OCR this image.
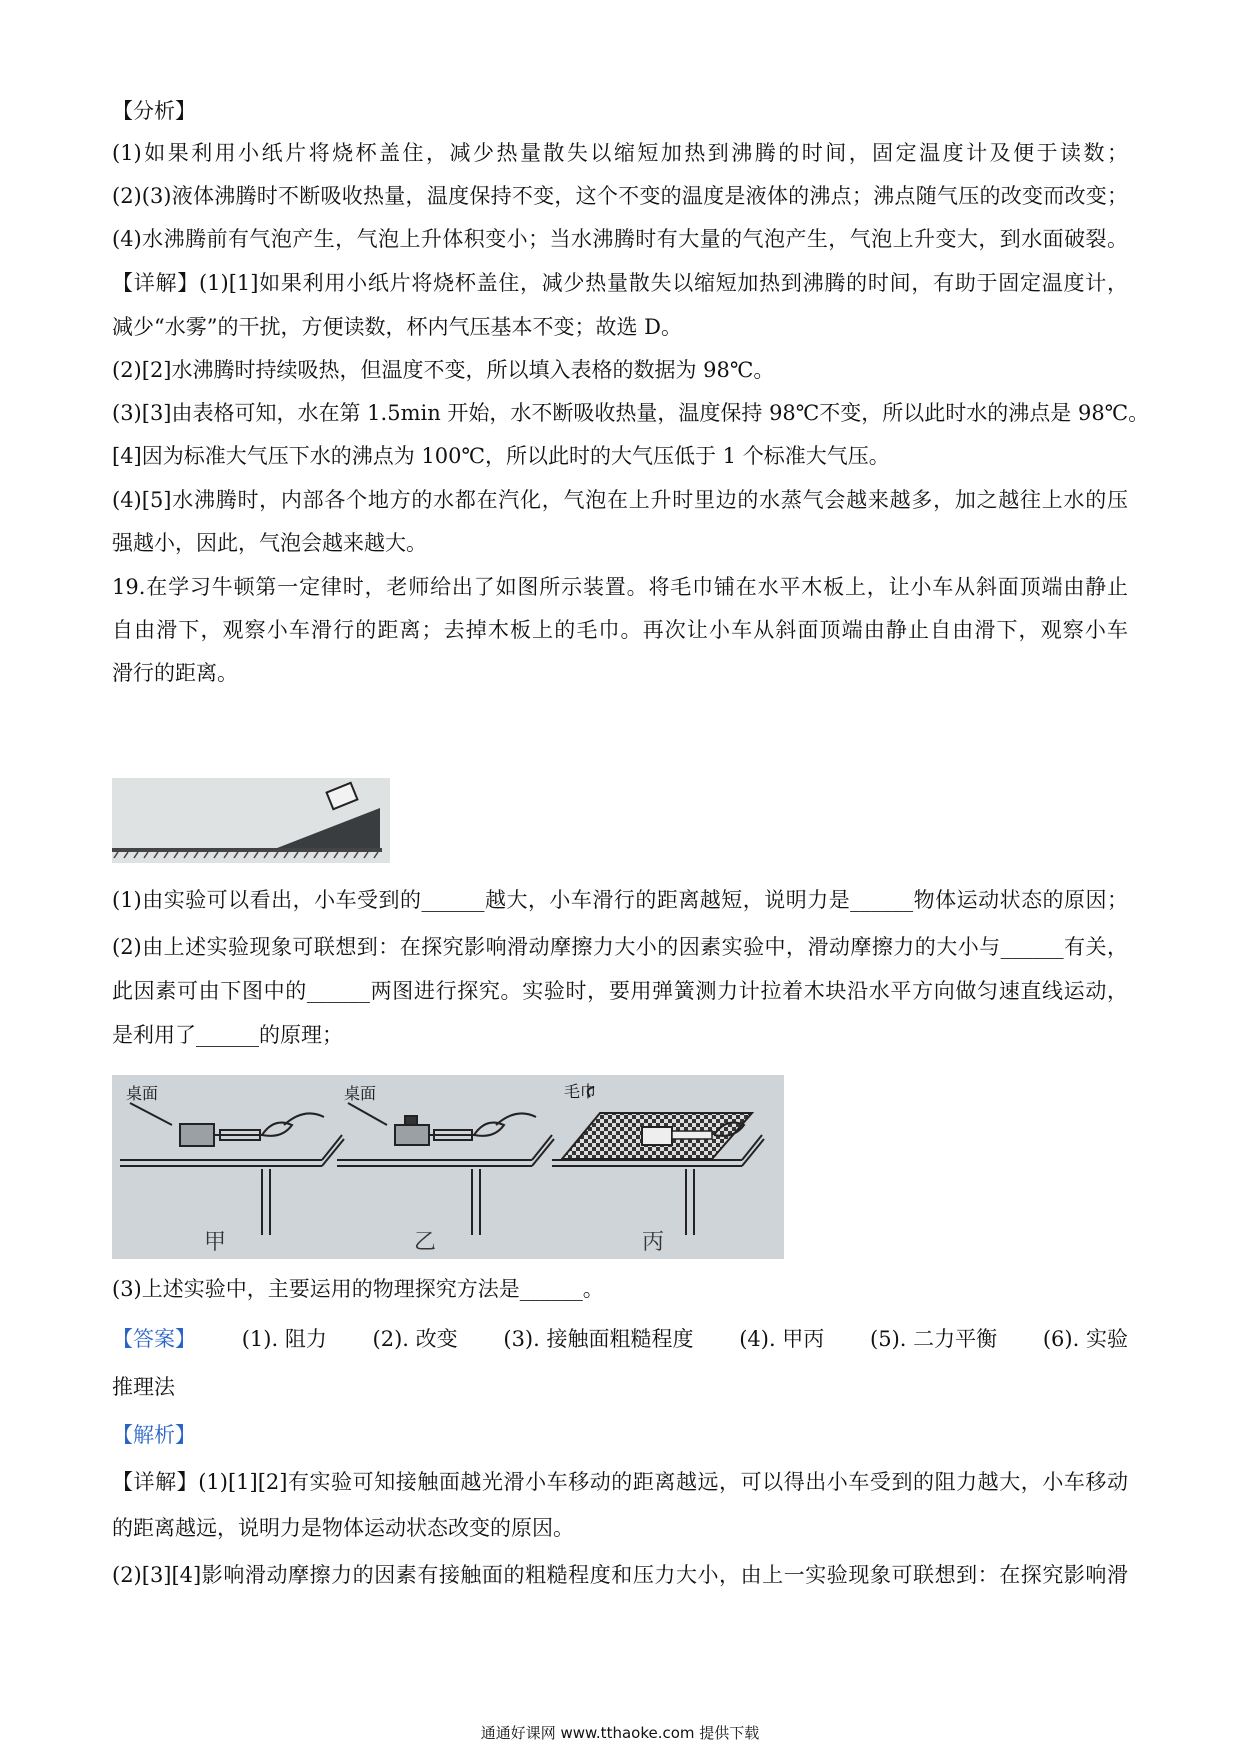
【分析】
(1)如果利用小纸片将烧杯盖住，减少热量散失以缩短加热到沸腾的时间，固定温度计及便于读数；
(2)(3)液体沸腾时不断吸收热量，温度保持不变，这个不变的温度是液体的沸点；沸点随气压的改变而改变；
(4)水沸腾前有气泡产生，气泡上升体积变小；当水沸腾时有大量的气泡产生，气泡上升变大，到水面破裂。
【详解】(1)[1]如果利用小纸片将烧杯盖住，减少热量散失以缩短加热到沸腾的时间，有助于固定温度计，
减少“水雾”的干扰，方便读数，杯内气压基本不变；故选 D。
(2)[2]水沸腾时持续吸热，但温度不变，所以填入表格的数据为 98℃。
(3)[3]由表格可知，水在第 1.5min 开始，水不断吸收热量，温度保持 98℃不变，所以此时水的沸点是 98℃。
[4]因为标准大气压下水的沸点为 100℃，所以此时的大气压低于 1 个标准大气压。
(4)[5]水沸腾时，内部各个地方的水都在汽化，气泡在上升时里边的水蒸气会越来越多，加之越往上水的压
强越小，因此，气泡会越来越大。
19.在学习牛顿第一定律时，老师给出了如图所示装置。将毛巾铺在水平木板上，让小车从斜面顶端由静止
自由滑下，观察小车滑行的距离；去掉木板上的毛巾。再次让小车从斜面顶端由静止自由滑下，观察小车
滑行的距离。
(1)由实验可以看出，小车受到的______越大，小车滑行的距离越短，说明力是______物体运动状态的原因；
(2)由上述实验现象可联想到：在探究影响滑动摩擦力大小的因素实验中，滑动摩擦力的大小与______有关，
此因素可由下图中的______两图进行探究。实验时，要用弹簧测力计拉着木块沿水平方向做匀速直线运动，
是利用了______的原理；
桌面	桌面	毛巾
甲	乙	丙
(3)上述实验中，主要运用的物理探究方法是______。
【答案】 (1). 阻力 (2). 改变 (3). 接触面粗糙程度 (4). 甲丙 (5). 二力平衡 (6). 实验
推理法
【解析】
【详解】(1)[1][2]有实验可知接触面越光滑小车移动的距离越远，可以得出小车受到的阻力越大，小车移动
的距离越远，说明力是物体运动状态改变的原因。
(2)[3][4]影响滑动摩擦力的因素有接触面的粗糙程度和压力大小，由上一实验现象可联想到：在探究影响滑
通通好课网 www.tthaoke.com 提供下载
